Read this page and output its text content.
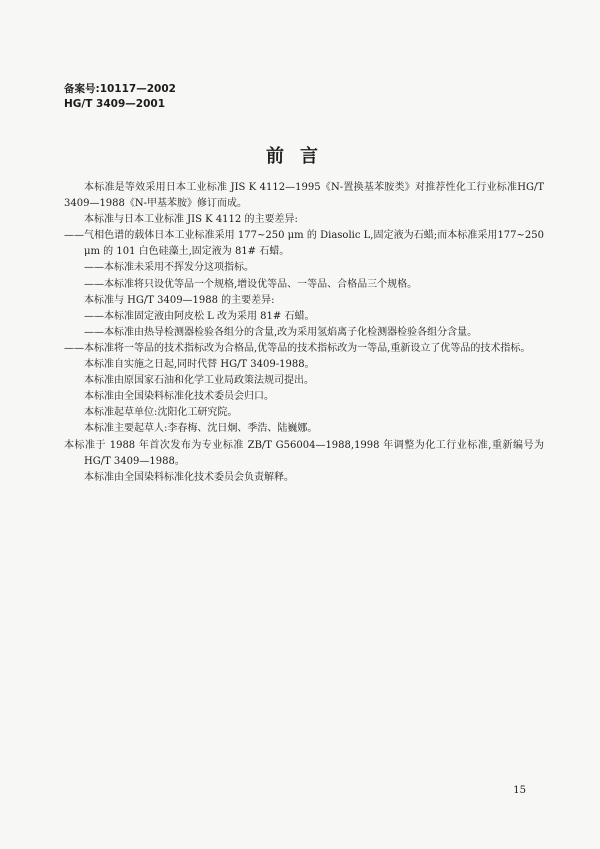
备案号:10117—2002
HG/T 3409—2001
前言

本标准是等效采用日本工业标准 JIS K 4112—1995《N-置换基苯胺类》对推荐性化工行业标准HG/T 3409—1988《N-甲基苯胺》修订而成。

本标准与日本工业标准 JIS K 4112 的主要差异:

——气相色谱的载体日本工业标准采用 177~250 μm 的 Diasolic L,固定液为石蜡;而本标准采用177~250 μm 的 101 白色硅藻土,固定液为 81# 石蜡。

——本标准未采用不挥发分这项指标。

——本标准将只设优等品一个规格,增设优等品、一等品、合格品三个规格。

本标准与 HG/T 3409—1988 的主要差异:

——本标准固定液由阿皮松 L 改为采用 81# 石蜡。

——本标准由热导检测器检验各组分的含量,改为采用氢焰离子化检测器检验各组分含量。

——本标准将一等品的技术指标改为合格品,优等品的技术指标改为一等品,重新设立了优等品的技术指标。

本标准自实施之日起,同时代替 HG/T 3409-1988。

本标准由原国家石油和化学工业局政策法规司提出。

本标准由全国染料标准化技术委员会归口。

本标准起草单位:沈阳化工研究院。

本标准主要起草人:李春梅、沈日炯、季浩、陆巍娜。

本标准于 1988 年首次发布为专业标准 ZB/T G56004—1988,1998 年调整为化工行业标准,重新编号为 HG/T 3409—1988。

本标准由全国染料标准化技术委员会负责解释。

15
